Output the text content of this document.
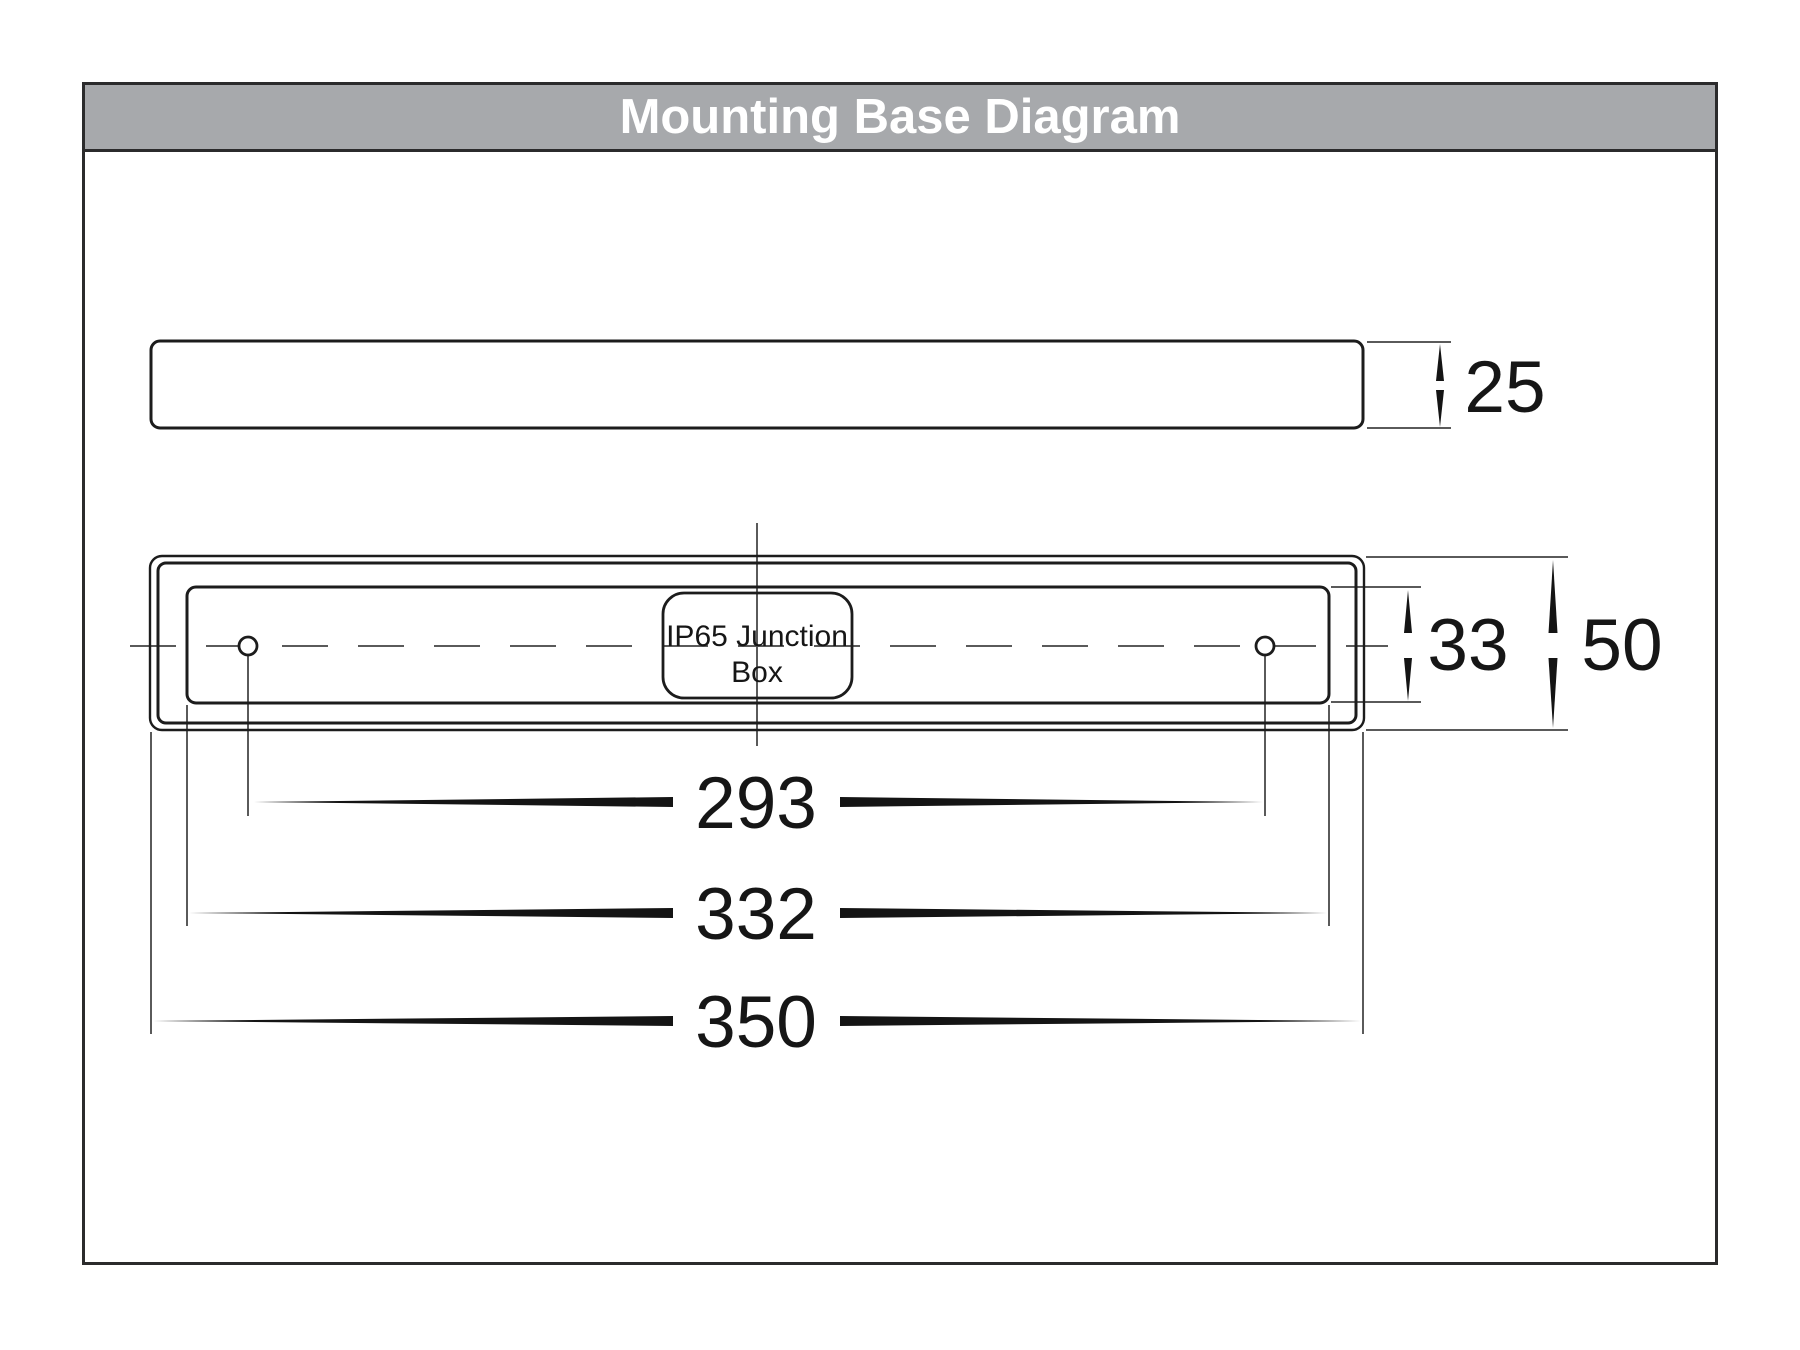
Mounting Base Diagram
IP65 Junction
Box
25
33 50
293
332
350
